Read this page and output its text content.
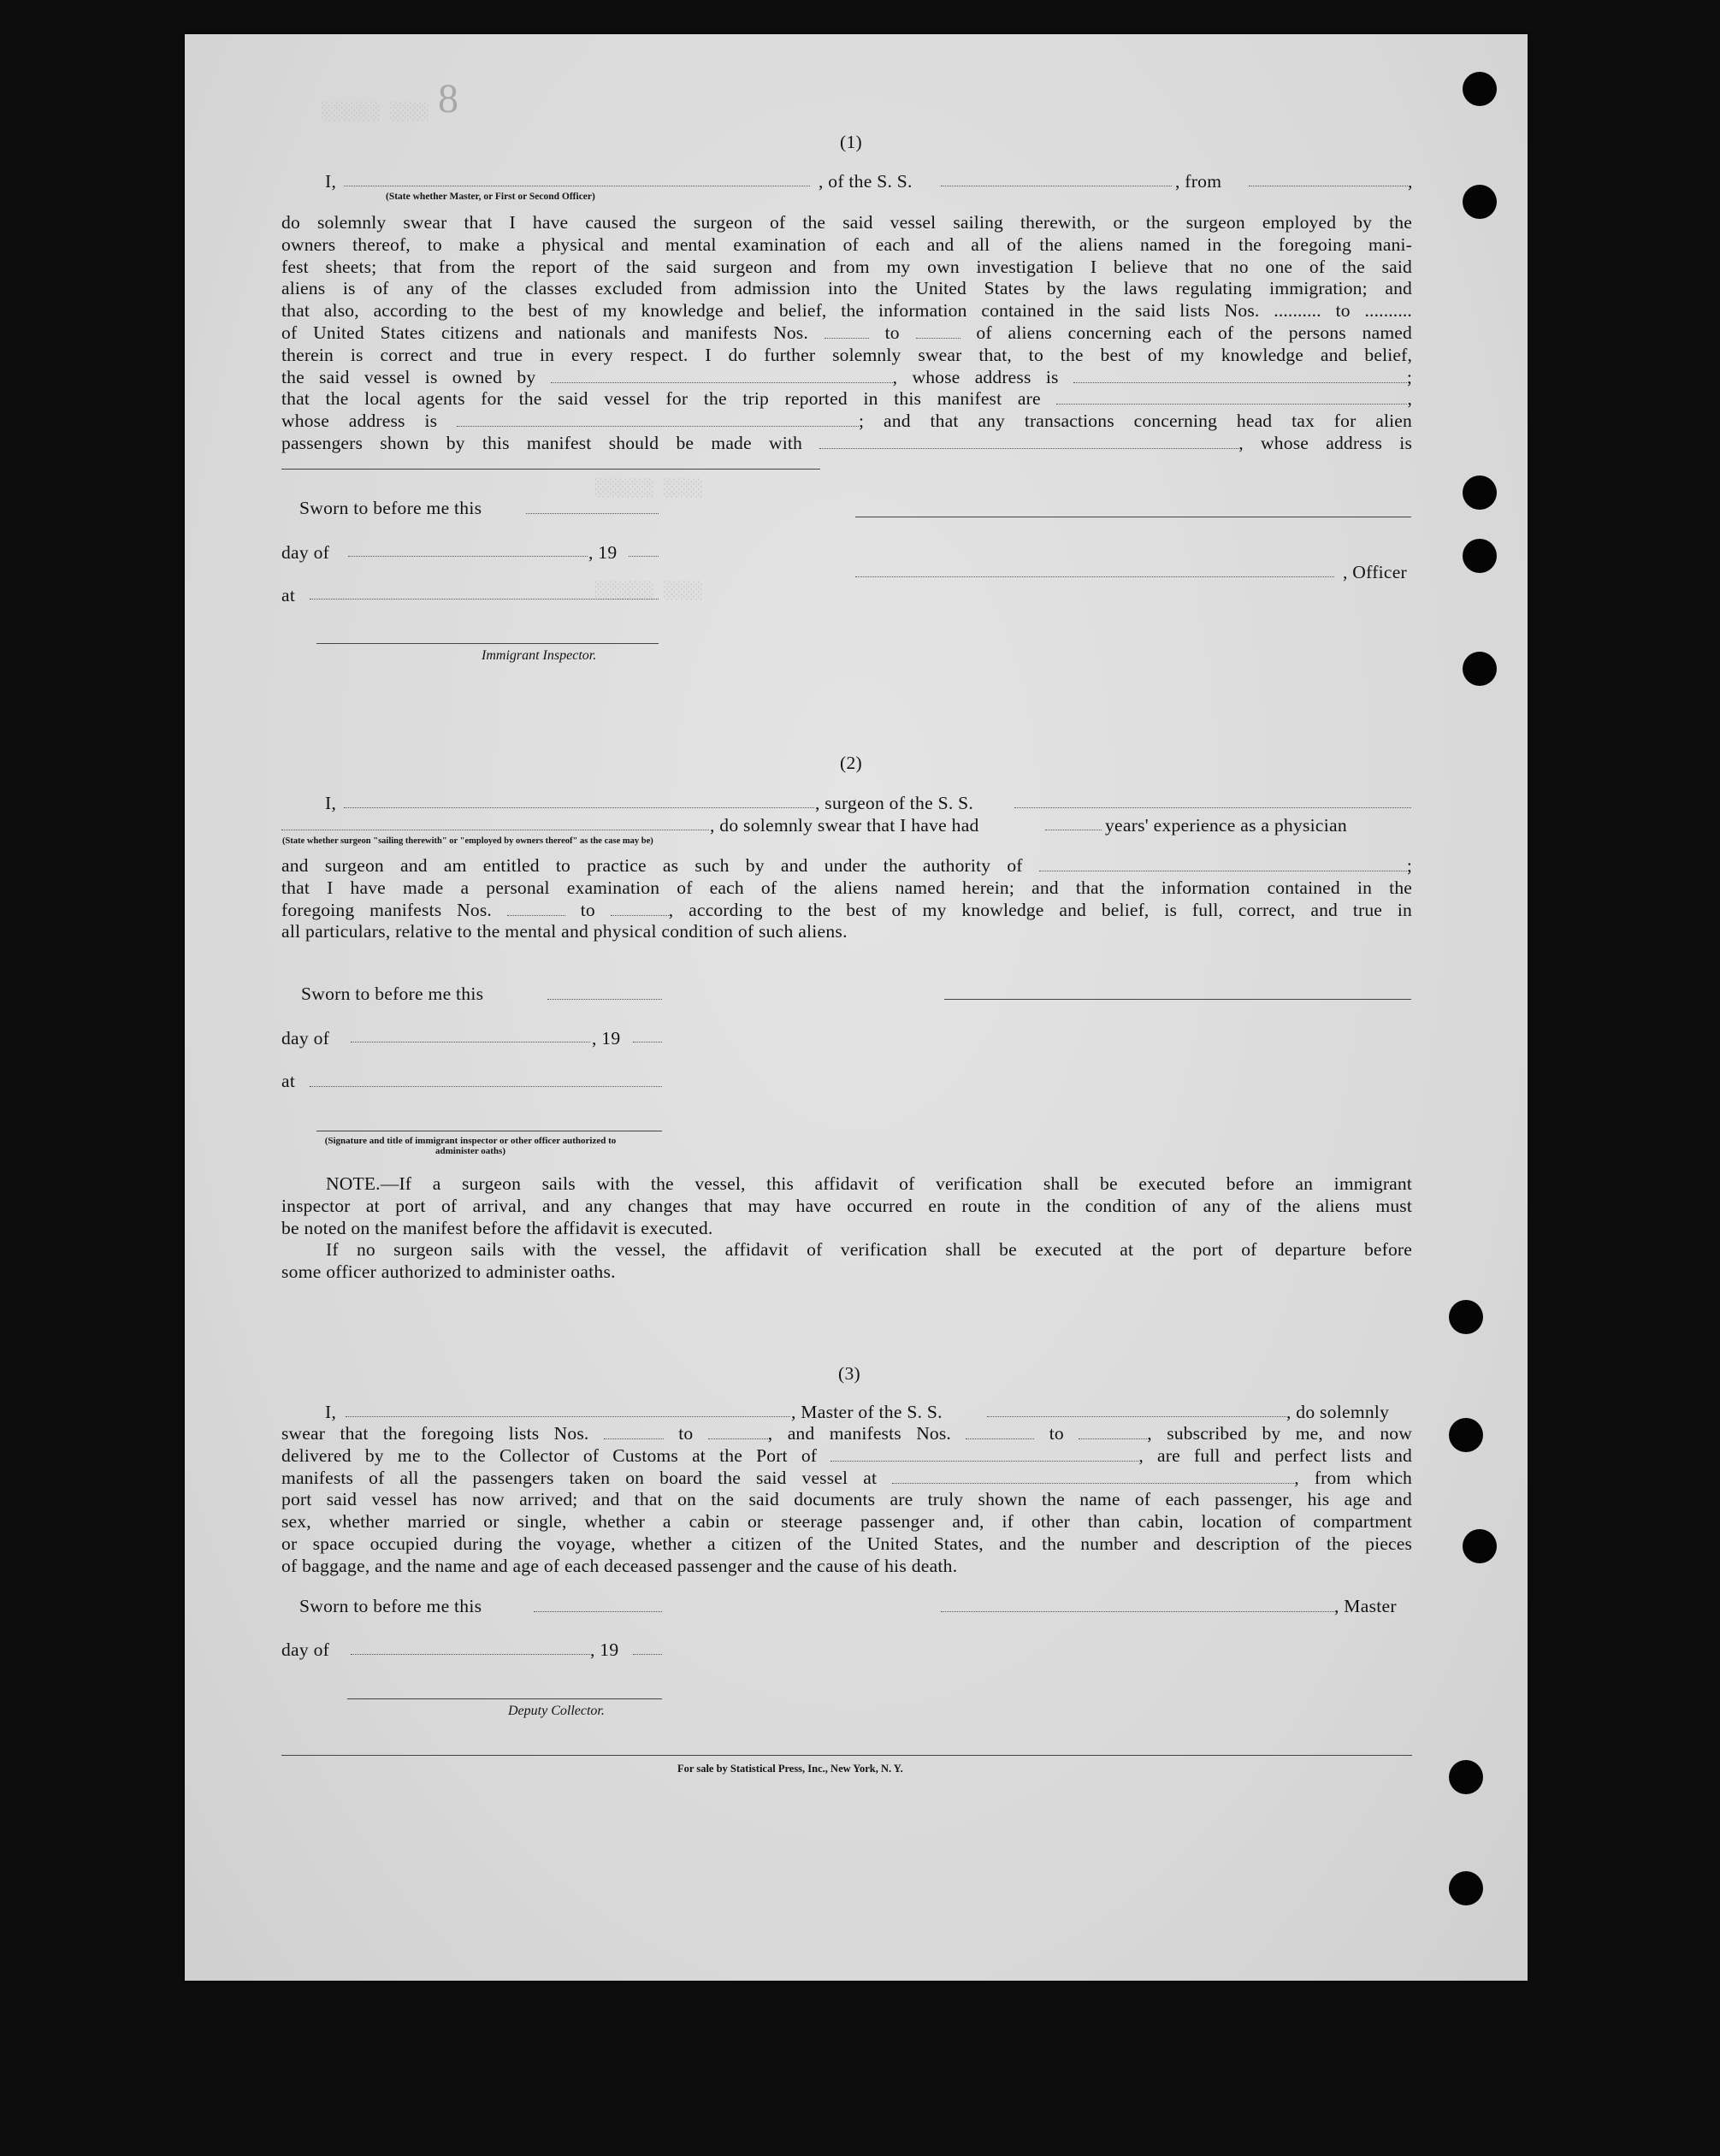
8
░░░░░░ ░░░░
░░░░░░ ░░░░
░░░░░░ ░░░░
(1)
I,	, of the S. S.	, from	,
(State whether Master, or First or Second Officer)
do solemnly swear that I have caused the surgeon of the said vessel sailing therewith, or the surgeon employed by the
owners thereof, to make a physical and mental examination of each and all of the aliens named in the foregoing mani-
fest sheets; that from the report of the said surgeon and from my own investigation I believe that no one of the said
aliens is of any of the classes excluded from admission into the United States by the laws regulating immigration; and
that also, according to the best of my knowledge and belief, the information contained in the said lists Nos. .......... to ..........
of United States citizens and nationals and manifests Nos.	to	of aliens concerning each of the persons named
therein is correct and true in every respect. I do further solemnly swear that, to the best of my knowledge and belief,
the said vessel is owned by	, whose address is	;
that the local agents for the said vessel for the trip reported in this manifest are	,
whose address is	; and that any transactions concerning head tax for alien
passengers shown by this manifest should be made with	, whose address is
Sworn to before me this
day of	, 19
, Officer
at
Immigrant Inspector.
(2)
I,	, surgeon of the S. S.
, do solemnly swear that I have had	years' experience as a physician
(State whether surgeon "sailing therewith" or "employed by owners thereof" as the case may be)
and surgeon and am entitled to practice as such by and under the authority of	;
that I have made a personal examination of each of the aliens named herein; and that the information contained in the
foregoing manifests Nos.	to	, according to the best of my knowledge and belief, is full, correct, and true in
all particulars, relative to the mental and physical condition of such aliens.
Sworn to before me this
day of	, 19
at
(Signature and title of immigrant inspector or other officer authorized to administer oaths)
NOTE.—If a surgeon sails with the vessel, this affidavit of verification shall be executed before an immigrant
inspector at port of arrival, and any changes that may have occurred en route in the condition of any of the aliens must
be noted on the manifest before the affidavit is executed.
If no surgeon sails with the vessel, the affidavit of verification shall be executed at the port of departure before
some officer authorized to administer oaths.
(3)
I,	, Master of the S. S.	, do solemnly
swear that the foregoing lists Nos.	to	, and manifests Nos.	to	, subscribed by me, and now
delivered by me to the Collector of Customs at the Port of	, are full and perfect lists and
manifests of all the passengers taken on board the said vessel at	, from which
port said vessel has now arrived; and that on the said documents are truly shown the name of each passenger, his age and
sex, whether married or single, whether a cabin or steerage passenger and, if other than cabin, location of compartment
or space occupied during the voyage, whether a citizen of the United States, and the number and description of the pieces
of baggage, and the name and age of each deceased passenger and the cause of his death.
Sworn to before me this	, Master
day of	, 19
Deputy Collector.
For sale by Statistical Press, Inc., New York, N. Y.
